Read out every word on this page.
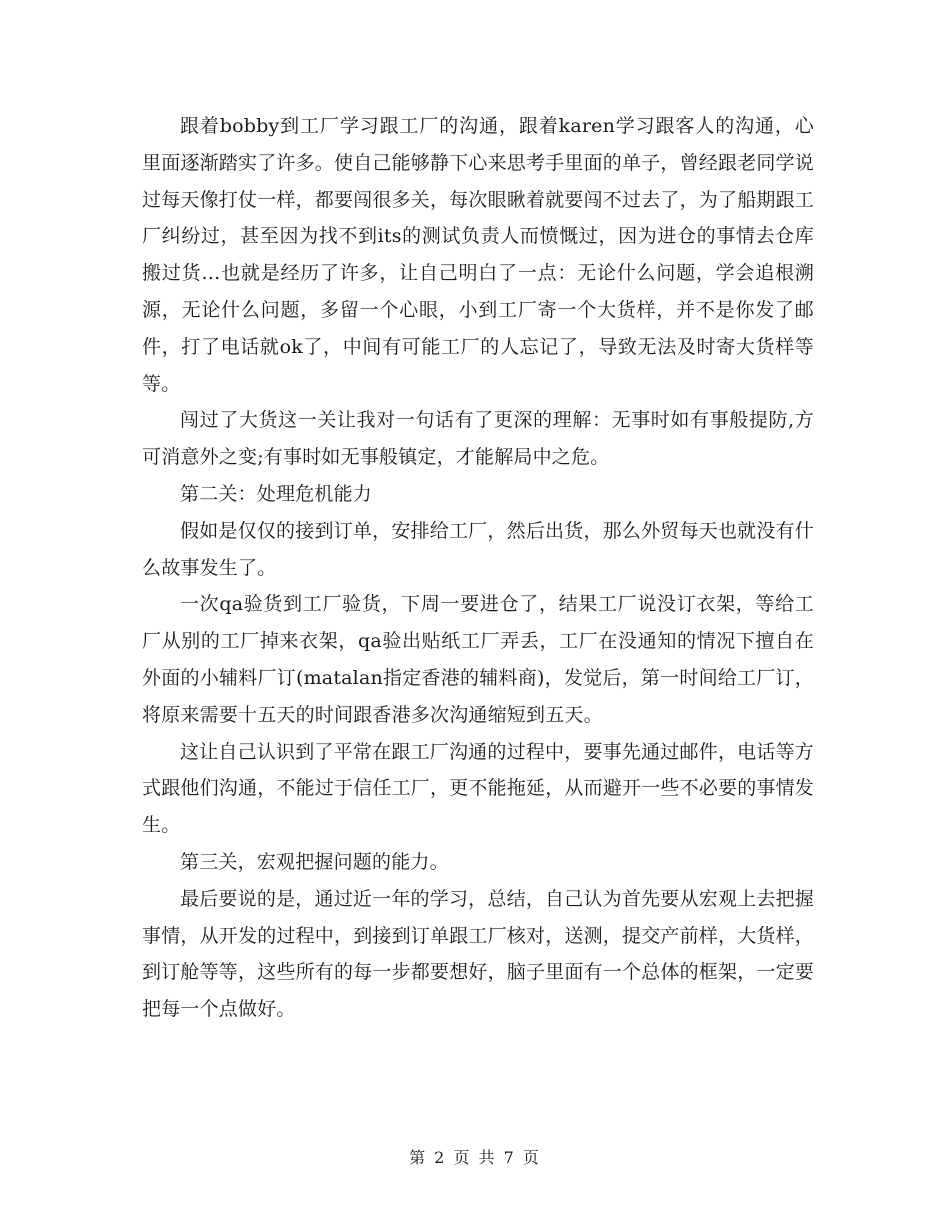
跟着bobby到工厂学习跟工厂的沟通，跟着karen学习跟客人的沟通，心里面逐渐踏实了许多。使自己能够静下心来思考手里面的单子，曾经跟老同学说过每天像打仗一样，都要闯很多关，每次眼瞅着就要闯不过去了，为了船期跟工厂纠纷过，甚至因为找不到its的测试负责人而愤慨过，因为进仓的事情去仓库搬过货…也就是经历了许多，让自己明白了一点：无论什么问题，学会追根溯源，无论什么问题，多留一个心眼，小到工厂寄一个大货样，并不是你发了邮件，打了电话就ok了，中间有可能工厂的人忘记了，导致无法及时寄大货样等等。

闯过了大货这一关让我对一句话有了更深的理解：无事时如有事般提防,方可消意外之变;有事时如无事般镇定，才能解局中之危。

第二关：处理危机能力

假如是仅仅的接到订单，安排给工厂，然后出货，那么外贸每天也就没有什么故事发生了。

一次qa验货到工厂验货，下周一要进仓了，结果工厂说没订衣架，等给工厂从别的工厂掉来衣架，qa验出贴纸工厂弄丢，工厂在没通知的情况下擅自在外面的小辅料厂订(matalan指定香港的辅料商)，发觉后，第一时间给工厂订，将原来需要十五天的时间跟香港多次沟通缩短到五天。

这让自己认识到了平常在跟工厂沟通的过程中，要事先通过邮件，电话等方式跟他们沟通，不能过于信任工厂，更不能拖延，从而避开一些不必要的事情发生。

第三关，宏观把握问题的能力。

最后要说的是，通过近一年的学习，总结，自己认为首先要从宏观上去把握事情，从开发的过程中，到接到订单跟工厂核对，送测，提交产前样，大货样，到订舱等等，这些所有的每一步都要想好，脑子里面有一个总体的框架，一定要把每一个点做好。

第 2 页 共 7 页
